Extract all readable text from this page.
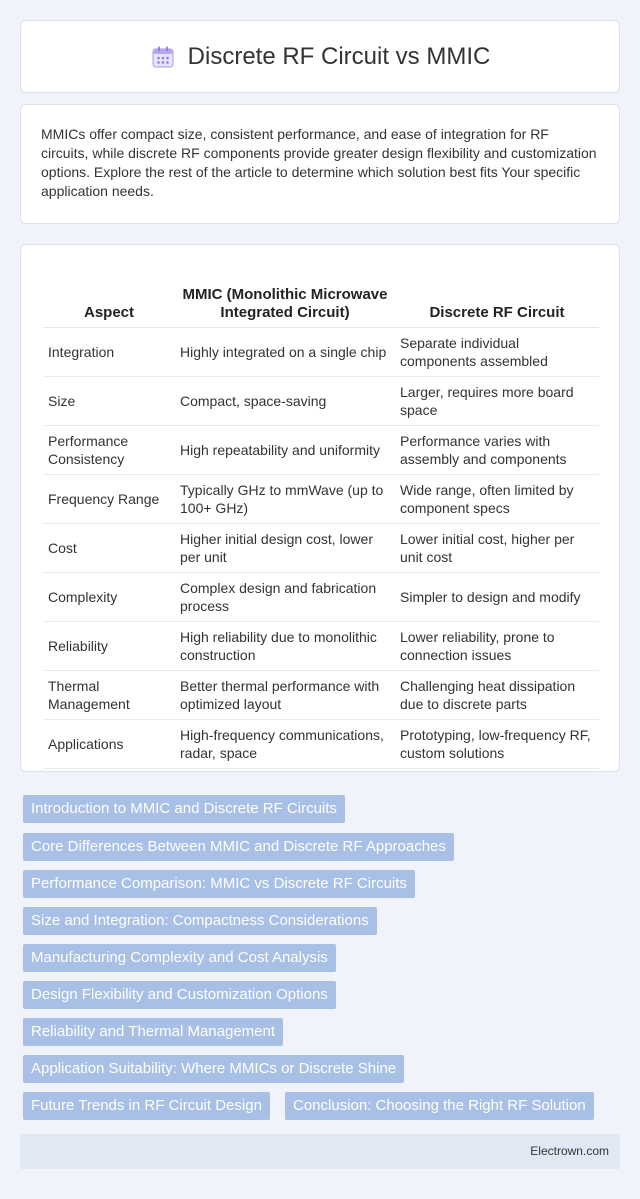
Discrete RF Circuit vs MMIC

MMICs offer compact size, consistent performance, and ease of integration for RF circuits, while discrete RF components provide greater design flexibility and customization options. Explore the rest of the article to determine which solution best fits Your specific application needs.

Aspect	MMIC (Monolithic Microwave Integrated Circuit)	Discrete RF Circuit
Integration	Highly integrated on a single chip	Separate individual components assembled
Size	Compact, space-saving	Larger, requires more board space
Performance Consistency	High repeatability and uniformity	Performance varies with assembly and components
Frequency Range	Typically GHz to mmWave (up to 100+ GHz)	Wide range, often limited by component specs
Cost	Higher initial design cost, lower per unit	Lower initial cost, higher per unit cost
Complexity	Complex design and fabrication process	Simpler to design and modify
Reliability	High reliability due to monolithic construction	Lower reliability, prone to connection issues
Thermal Management	Better thermal performance with optimized layout	Challenging heat dissipation due to discrete parts
Applications	High-frequency communications, radar, space	Prototyping, low-frequency RF, custom solutions
Introduction to MMIC and Discrete RF Circuits
Core Differences Between MMIC and Discrete RF Approaches
Performance Comparison: MMIC vs Discrete RF Circuits
Size and Integration: Compactness Considerations
Manufacturing Complexity and Cost Analysis
Design Flexibility and Customization Options
Reliability and Thermal Management
Application Suitability: Where MMICs or Discrete Shine
Future Trends in RF Circuit Design	Conclusion: Choosing the Right RF Solution
Electrown.com
